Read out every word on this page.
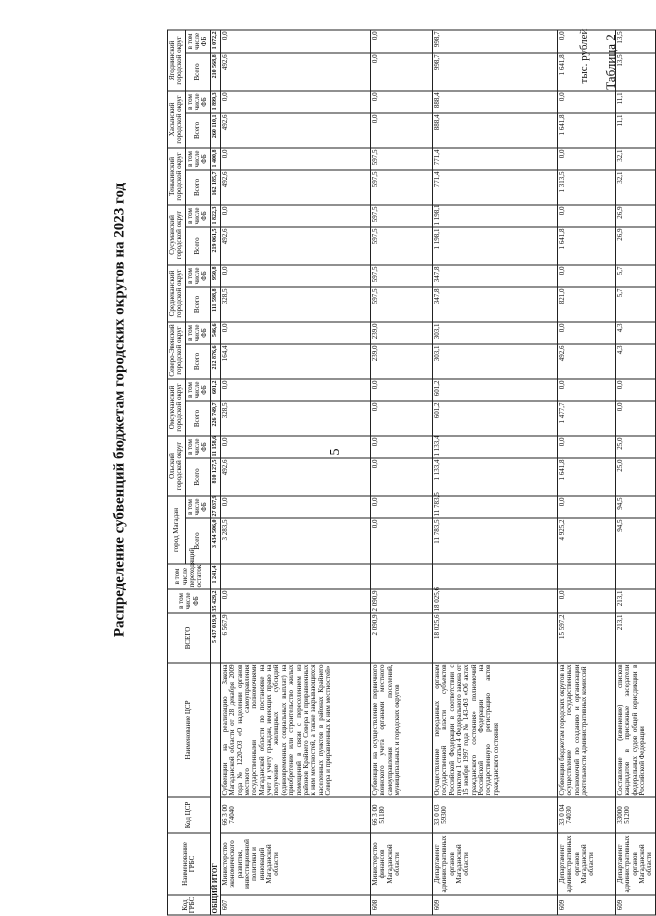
5
Таблица 2
Распределение субвенций бюджетам городских округов на 2023 год
тыс. рублей
Код ГРБС	Наименование ГРБС	Код ЦСР	Наименование ЦСР	ВСЕГО	в том числе ФБ	в том числе переходящий остаток	город Магадан		Ольский городской округ		Омсукчанский городской округ		Северо-Эвенский городской округ		Среднеканский городской округ		Сусуманский городской округ		Тенькинский городской округ		Хасынский городской округ		Ягоднинский городской округ	
							Всего	в том числе ФБ	Всего	в том числе ФБ	Всего	в том числе ФБ	Всего	в том числе ФБ	Всего	в том числе ФБ	Всего	в том числе ФБ	Всего	в том числе ФБ	Всего	в том числе ФБ	Всего	в том числе ФБ
ОБЩИЙ ИТОГ				5 437 019,9	35 429,2	1 241,4	3 434 506,0	27 037,9	810 127,5	11 158,6	226 749,7	601,2	212 876,6	546,6	111 598,8	950,8	219 061,5	1 822,3	162 185,7	1 400,8	260 110,1	1 899,3	210 568,8	1 072,2
607	Министерство экономического развития, инвестиционной политики и инноваций Магаданской области	66 3 00 74040	Субвенции на реализацию Закона Магаданской области от 28 декабря 2009 года № 1220-ОЗ «О наделении органов местного самоуправления государственными полномочиями Магаданской области по постановке на учет и учету граждан, имеющих право на получение жилищных субсидий (единовременных социальных выплат) на приобретение или строительство жилых помещений в связи с переселением из районов Крайнего Севера и приравненных к ним местностей, а также закрывающихся населенных пунктов в районах Крайнего Севера и приравненных к ним местностей»	6 567,9	0,0		3 283,5	0,0	492,6	0,0	328,5	0,0	164,4	0,0	328,5	0,0	492,6	0,0	492,6	0,0	492,6	0,0	492,6	0,0
608	Министерство финансов Магаданской области	66 3 00 51180	Субвенции на осуществление первичного воинского учета органами местного самоуправления поселений, муниципальных и городских округов	2 090,9	2 090,9		0,0	0,0	0,0	0,0	0,0	0,0	239,0	239,0	597,5	597,5	597,5	597,5	597,5	597,5	0,0	0,0	0,0	0,0
609	Департамент административных органов Магаданской области	33 0 03 59300	Осуществление переданных органам государственной власти субъектов Российской Федерации в соответствии с пунктом 1 статьи 4 Федерального закона от 15 ноября 1997 года № 143-ФЗ «Об актах гражданского состояния» полномочий Российской Федерации на государственную регистрацию актов гражданского состояния	18 025,6	18 025,6		11 783,5	11 783,5	1 133,4	1 133,4	601,2	601,2	303,1	303,1	347,8	347,8	1 198,1	1 198,1	771,4	771,4	888,4	888,4	998,7	998,7
609	Департамент административных органов Магаданской области	33 0 04 74030	Субвенции бюджетам городских округов на осуществление государственных полномочий по созданию и организации деятельности административных комиссий	15 597,2	0,0		4 925,2	0,0	1 641,8	0,0	1 477,7	0,0	492,6	0,0	821,0	0,0	1 641,8	0,0	1 313,5	0,0	1 641,8	0,0	1 641,8	0,0
609	Департамент административных органов Магаданской области	33000 51200	Составление (изменение) списков кандидатов в присяжные заседатели федеральных судов общей юрисдикции в Российской Федерации	213,1	213,1		94,5	94,5	25,0	25,0	0,0	0,0	4,3	4,3	5,7	5,7	26,9	26,9	32,1	32,1	11,1	11,1	13,5	13,5
